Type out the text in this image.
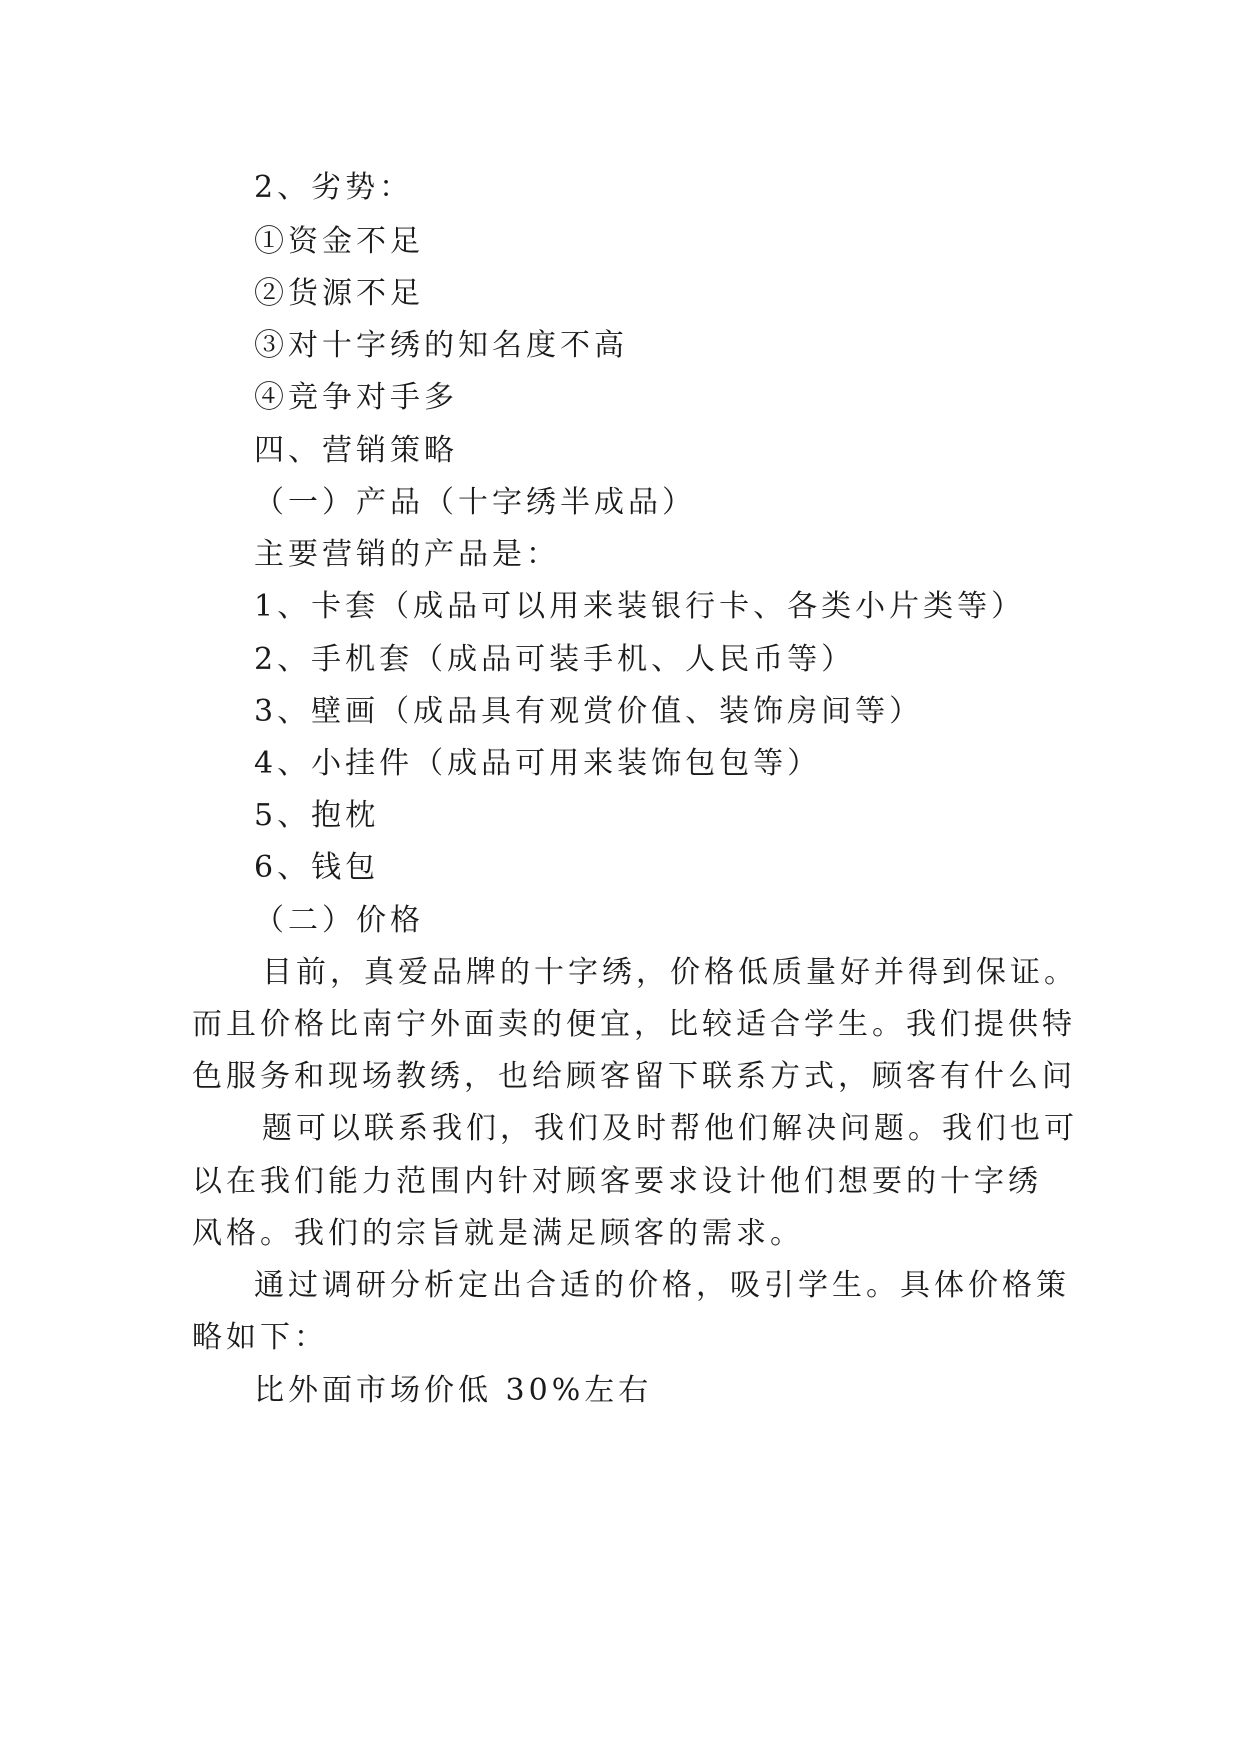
2、劣势：
①资金不足
②货源不足
③对十字绣的知名度不高
④竞争对手多
四、营销策略
（一）产品（十字绣半成品）
主要营销的产品是：
1、卡套（成品可以用来装银行卡、各类小片类等）
2、手机套（成品可装手机、人民币等）
3、壁画（成品具有观赏价值、装饰房间等）
4、小挂件（成品可用来装饰包包等）
5、抱枕
6、钱包
（二）价格
目前，真爱品牌的十字绣，价格低质量好并得到保证。
而且价格比南宁外面卖的便宜，比较适合学生。我们提供特
色服务和现场教绣，也给顾客留下联系方式，顾客有什么问
题可以联系我们，我们及时帮他们解决问题。我们也可
以在我们能力范围内针对顾客要求设计他们想要的十字绣
风格。我们的宗旨就是满足顾客的需求。
通过调研分析定出合适的价格，吸引学生。具体价格策
略如下：
比外面市场价低 30%左右
